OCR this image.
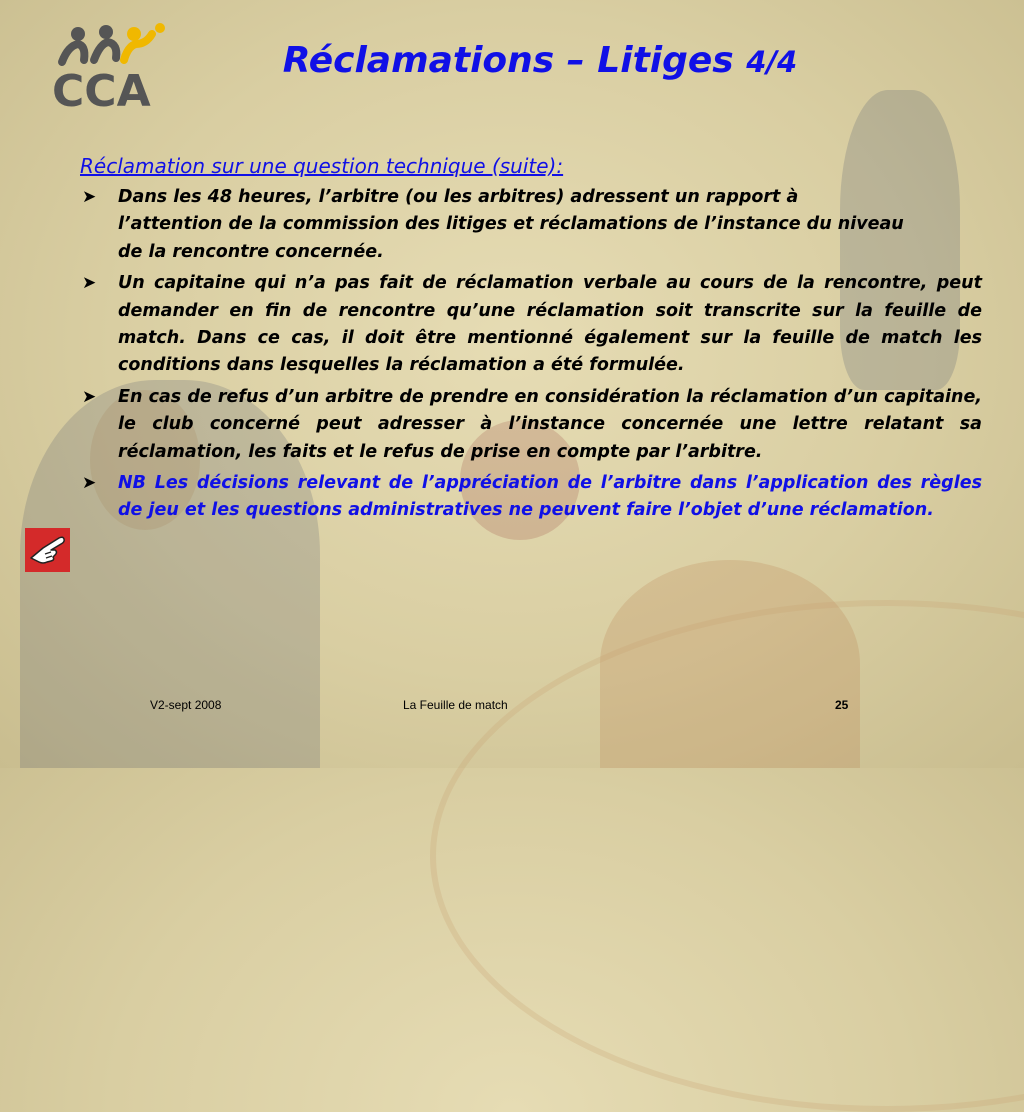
CCA
Réclamations – Litiges 4/4
Réclamation sur une question technique (suite):
➤ Dans les 48 heures, l’arbitre (ou les arbitres) adressent un rapport à l’attention de la commission des litiges et réclamations de l’instance du niveau de la rencontre concernée.
➤ Un capitaine qui n’a pas fait de réclamation verbale au cours de la rencontre, peut demander en fin de rencontre qu’une réclamation soit transcrite sur la feuille de match. Dans ce cas, il doit être mentionné également sur la feuille de match les conditions dans lesquelles la réclamation a été formulée.
➤ En cas de refus d’un arbitre de prendre en considération la réclamation d’un capitaine, le club concerné peut adresser à l’instance concernée une lettre relatant sa réclamation, les faits et le refus de prise en compte par l’arbitre.
➤ NB Les décisions relevant de l’appréciation de l’arbitre dans l’application des règles de jeu et les questions administratives ne peuvent faire l’objet d’une réclamation.
V2-sept 2008	La Feuille de match	25
